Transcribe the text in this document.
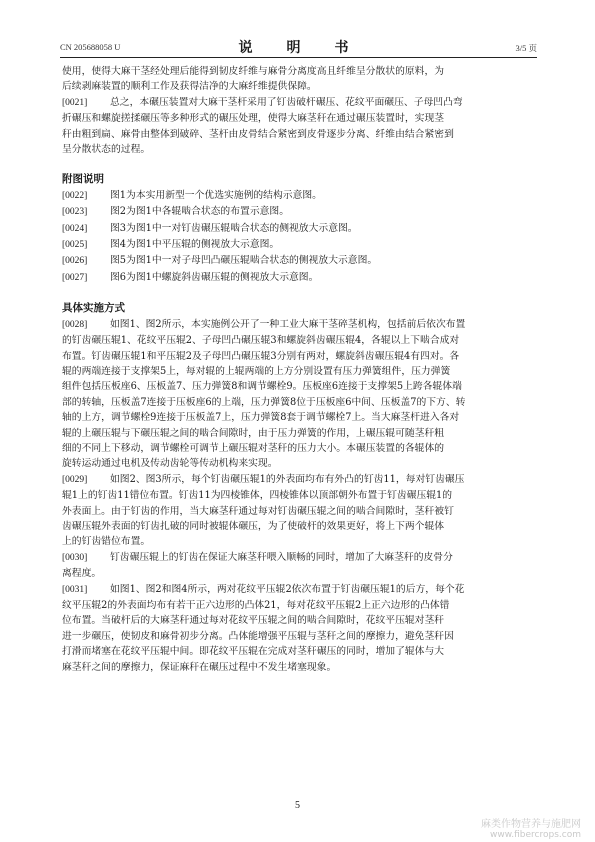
CN 205688058 U	说　明　书	3/5 页

使用，使得大麻干茎经处理后能得到韧皮纤维与麻骨分离度高且纤维呈分散状的原料，为

后续剥麻装置的顺利工作及获得洁净的大麻纤维提供保障。

[0021] 总之，本碾压装置对大麻干茎杆采用了钉齿破杆碾压、花纹平面碾压、子母凹凸弯

折碾压和螺旋搓揉碾压等多种形式的碾压处理，使得大麻茎秆在通过碾压装置时，实现茎

秆由粗到扁、麻骨由整体到破碎、茎杆由皮骨结合紧密到皮骨逐步分离、纤维由结合紧密到

呈分散状态的过程。

附图说明

[0022] 图1为本实用新型一个优选实施例的结构示意图。

[0023] 图2为图1中各辊啮合状态的布置示意图。

[0024] 图3为图1中一对钉齿碾压辊啮合状态的侧视放大示意图。

[0025] 图4为图1中平压辊的侧视放大示意图。

[0026] 图5为图1中一对子母凹凸碾压辊啮合状态的侧视放大示意图。

[0027] 图6为图1中螺旋斜齿碾压辊的侧视放大示意图。

具体实施方式

[0028] 如图1、图2所示，本实施例公开了一种工业大麻干茎碎茎机构，包括前后依次布置

的钉齿碾压辊1、花纹平压辊2、子母凹凸碾压辊3和螺旋斜齿碾压辊4，各辊以上下啮合成对

布置。钉齿碾压辊1和平压辊2及子母凹凸碾压辊3分别有两对，螺旋斜齿碾压辊4有四对。各

辊的两端连接于支撑架5上，每对辊的上辊两端的上方分别设置有压力弹簧组件，压力弹簧

组件包括压板座6、压板盖7、压力弹簧8和调节螺栓9。压板座6连接于支撑架5上跨各辊体端

部的转轴，压板盖7连接于压板座6的上端，压力弹簧8位于压板座6中间、压板盖7的下方、转

轴的上方，调节螺栓9连接于压板盖7上，压力弹簧8套于调节螺栓7上。当大麻茎杆进入各对

辊的上碾压辊与下碾压辊之间的啮合间隙时，由于压力弹簧的作用，上碾压辊可随茎秆粗

细的不同上下移动，调节螺栓可调节上碾压辊对茎秆的压力大小。本碾压装置的各辊体的

旋转运动通过电机及传动齿轮等传动机构来实现。

[0029] 如图2、图3所示，每个钉齿碾压辊1的外表面均布有外凸的钉齿11，每对钉齿碾压

辊1上的钉齿11错位布置。钉齿11为四棱锥体，四棱锥体以顶部朝外布置于钉齿碾压辊1的

外表面上。由于钉齿的作用，当大麻茎秆通过每对钉齿碾压辊之间的啮合间隙时，茎秆被钉

齿碾压辊外表面的钉齿扎破的同时被辊体碾压，为了使破杆的效果更好，将上下两个辊体

上的钉齿错位布置。

[0030] 钉齿碾压辊上的钉齿在保证大麻茎秆喂入顺畅的同时，增加了大麻茎秆的皮骨分

离程度。

[0031] 如图1、图2和图4所示，两对花纹平压辊2依次布置于钉齿碾压辊1的后方，每个花

纹平压辊2的外表面均布有若干正六边形的凸体21，每对花纹平压辊2上正六边形的凸体错

位布置。当破杆后的大麻茎秆通过每对花纹平压辊之间的啮合间隙时，花纹平压辊对茎秆

进一步碾压，使韧皮和麻骨初步分离。凸体能增强平压辊与茎秆之间的摩擦力，避免茎秆因

打滑而堵塞在花纹平压辊中间。即花纹平压辊在完成对茎秆碾压的同时，增加了辊体与大

麻茎秆之间的摩擦力，保证麻秆在碾压过程中不发生堵塞现象。

5
麻类作物营养与施肥网
www.fibercrops.com
